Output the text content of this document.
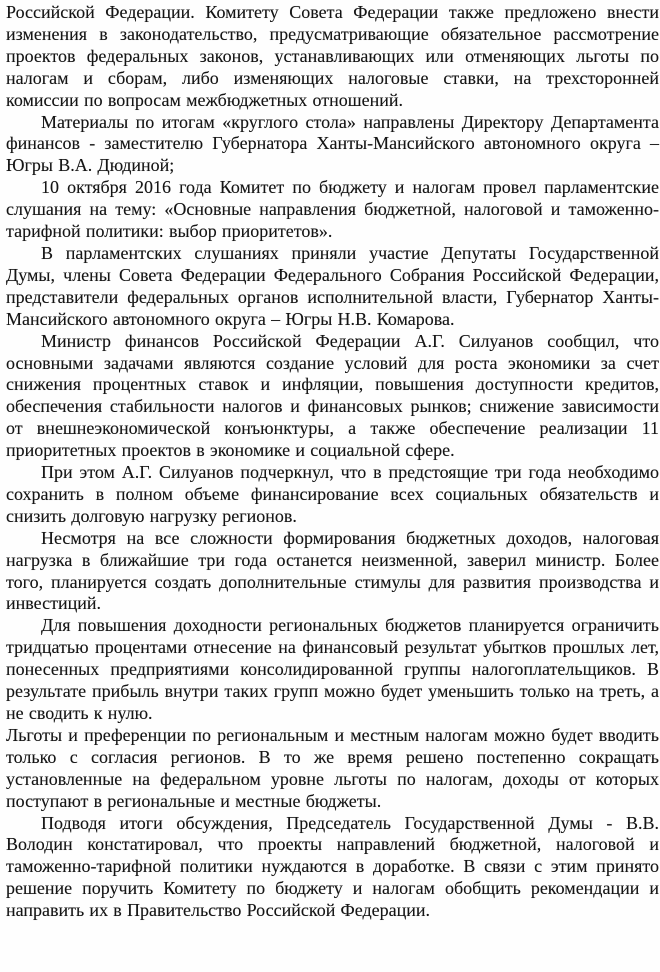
Российской Федерации. Комитету Совета Федерации также предложено внести изменения в законодательство, предусматривающие обязательное рассмотрение проектов федеральных законов, устанавливающих или отменяющих льготы по налогам и сборам, либо изменяющих налоговые ставки, на трехсторонней комиссии по вопросам межбюджетных отношений.

Материалы по итогам «круглого стола» направлены Директору Департамента финансов - заместителю Губернатора Ханты-Мансийского автономного округа – Югры В.А. Дюдиной;

10 октября 2016 года Комитет по бюджету и налогам провел парламентские слушания на тему: «Основные направления бюджетной, налоговой и таможенно-тарифной политики: выбор приоритетов».

В парламентских слушаниях приняли участие Депутаты Государственной Думы, члены Совета Федерации Федерального Собрания Российской Федерации, представители федеральных органов исполнительной власти, Губернатор Ханты-Мансийского автономного округа – Югры Н.В. Комарова.

Министр финансов Российской Федерации А.Г. Силуанов сообщил, что основными задачами являются создание условий для роста экономики за счет снижения процентных ставок и инфляции, повышения доступности кредитов, обеспечения стабильности налогов и финансовых рынков; снижение зависимости от внешнеэкономической конъюнктуры, а также обеспечение реализации 11 приоритетных проектов в экономике и социальной сфере.

При этом А.Г. Силуанов подчеркнул, что в предстоящие три года необходимо сохранить в полном объеме финансирование всех социальных обязательств и снизить долговую нагрузку регионов.

Несмотря на все сложности формирования бюджетных доходов, налоговая нагрузка в ближайшие три года останется неизменной, заверил министр. Более того, планируется создать дополнительные стимулы для развития производства и инвестиций.

Для повышения доходности региональных бюджетов планируется ограничить тридцатью процентами отнесение на финансовый результат убытков прошлых лет, понесенных предприятиями консолидированной группы налогоплательщиков. В результате прибыль внутри таких групп можно будет уменьшить только на треть, а не сводить к нулю.

Льготы и преференции по региональным и местным налогам можно будет вводить только с согласия регионов. В то же время решено постепенно сокращать установленные на федеральном уровне льготы по налогам, доходы от которых поступают в региональные и местные бюджеты.

Подводя итоги обсуждения, Председатель Государственной Думы - В.В. Володин констатировал, что проекты направлений бюджетной, налоговой и таможенно-тарифной политики нуждаются в доработке. В связи с этим принято решение поручить Комитету по бюджету и налогам обобщить рекомендации и направить их в Правительство Российской Федерации.
